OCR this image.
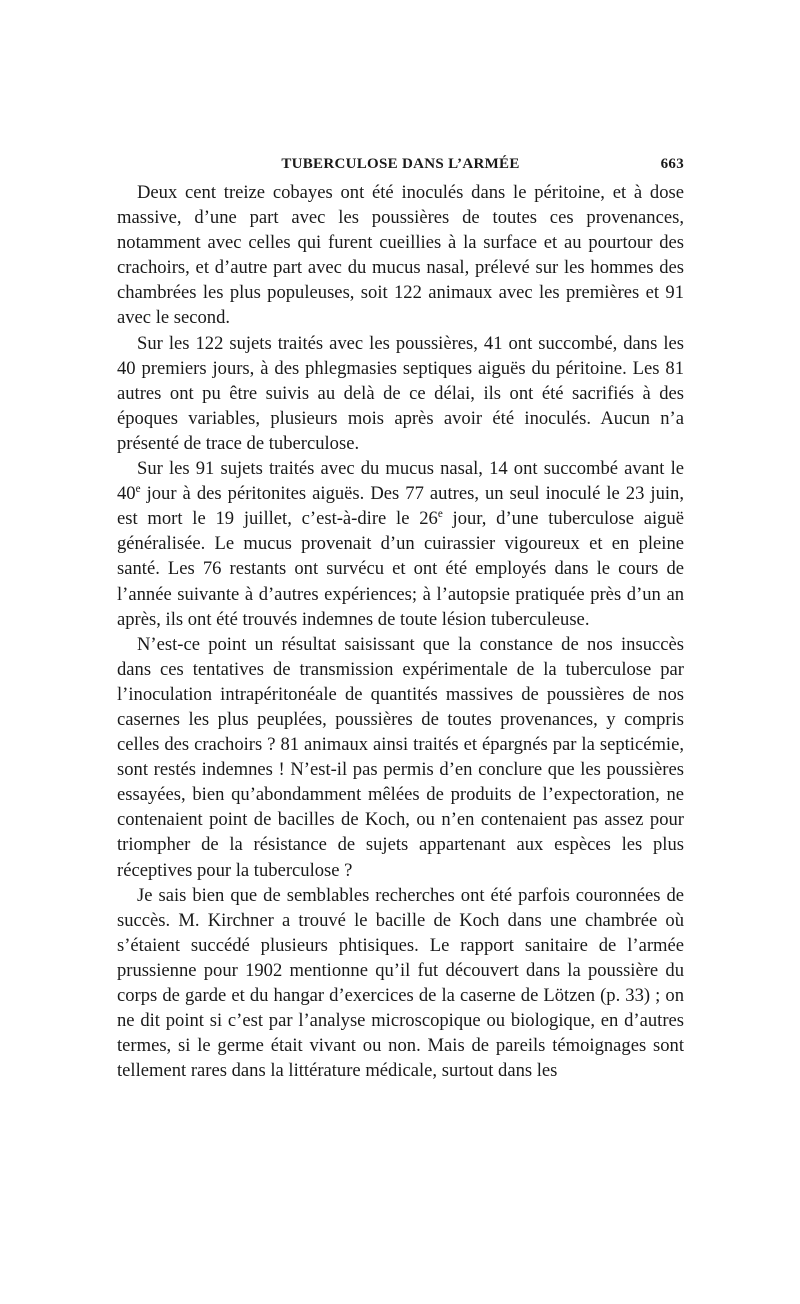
TUBERCULOSE DANS L’ARMÉE	663

Deux cent treize cobayes ont été inoculés dans le péritoine, et à dose massive, d’une part avec les poussières de toutes ces provenances, notamment avec celles qui furent cueillies à la surface et au pourtour des crachoirs, et d’autre part avec du mucus nasal, prélevé sur les hommes des chambrées les plus populeuses, soit 122 animaux avec les premières et 91 avec le second.

Sur les 122 sujets traités avec les poussières, 41 ont succombé, dans les 40 premiers jours, à des phlegmasies septiques aiguës du péritoine. Les 81 autres ont pu être suivis au delà de ce délai, ils ont été sacrifiés à des époques variables, plusieurs mois après avoir été inoculés. Aucun n’a présenté de trace de tuberculose.

Sur les 91 sujets traités avec du mucus nasal, 14 ont succombé avant le 40e jour à des péritonites aiguës. Des 77 autres, un seul inoculé le 23 juin, est mort le 19 juillet, c’est-à-dire le 26e jour, d’une tuberculose aiguë généralisée. Le mucus provenait d’un cuirassier vigoureux et en pleine santé. Les 76 restants ont survécu et ont été employés dans le cours de l’année suivante à d’autres expériences; à l’autopsie pratiquée près d’un an après, ils ont été trouvés indemnes de toute lésion tuberculeuse.

N’est-ce point un résultat saisissant que la constance de nos insuccès dans ces tentatives de transmission expérimentale de la tuberculose par l’inoculation intrapéritonéale de quantités massives de poussières de nos casernes les plus peuplées, poussières de toutes provenances, y compris celles des crachoirs ? 81 animaux ainsi traités et épargnés par la septicémie, sont restés indemnes ! N’est-il pas permis d’en conclure que les poussières essayées, bien qu’abondamment mêlées de produits de l’expectoration, ne contenaient point de bacilles de Koch, ou n’en contenaient pas assez pour triompher de la résistance de sujets appartenant aux espèces les plus réceptives pour la tuberculose ?

Je sais bien que de semblables recherches ont été parfois couronnées de succès. M. Kirchner a trouvé le bacille de Koch dans une chambrée où s’étaient succédé plusieurs phtisiques. Le rapport sanitaire de l’armée prussienne pour 1902 mentionne qu’il fut découvert dans la poussière du corps de garde et du hangar d’exercices de la caserne de Lötzen (p. 33) ; on ne dit point si c’est par l’analyse microscopique ou biologique, en d’autres termes, si le germe était vivant ou non. Mais de pareils témoignages sont tellement rares dans la littérature médicale, surtout dans les
